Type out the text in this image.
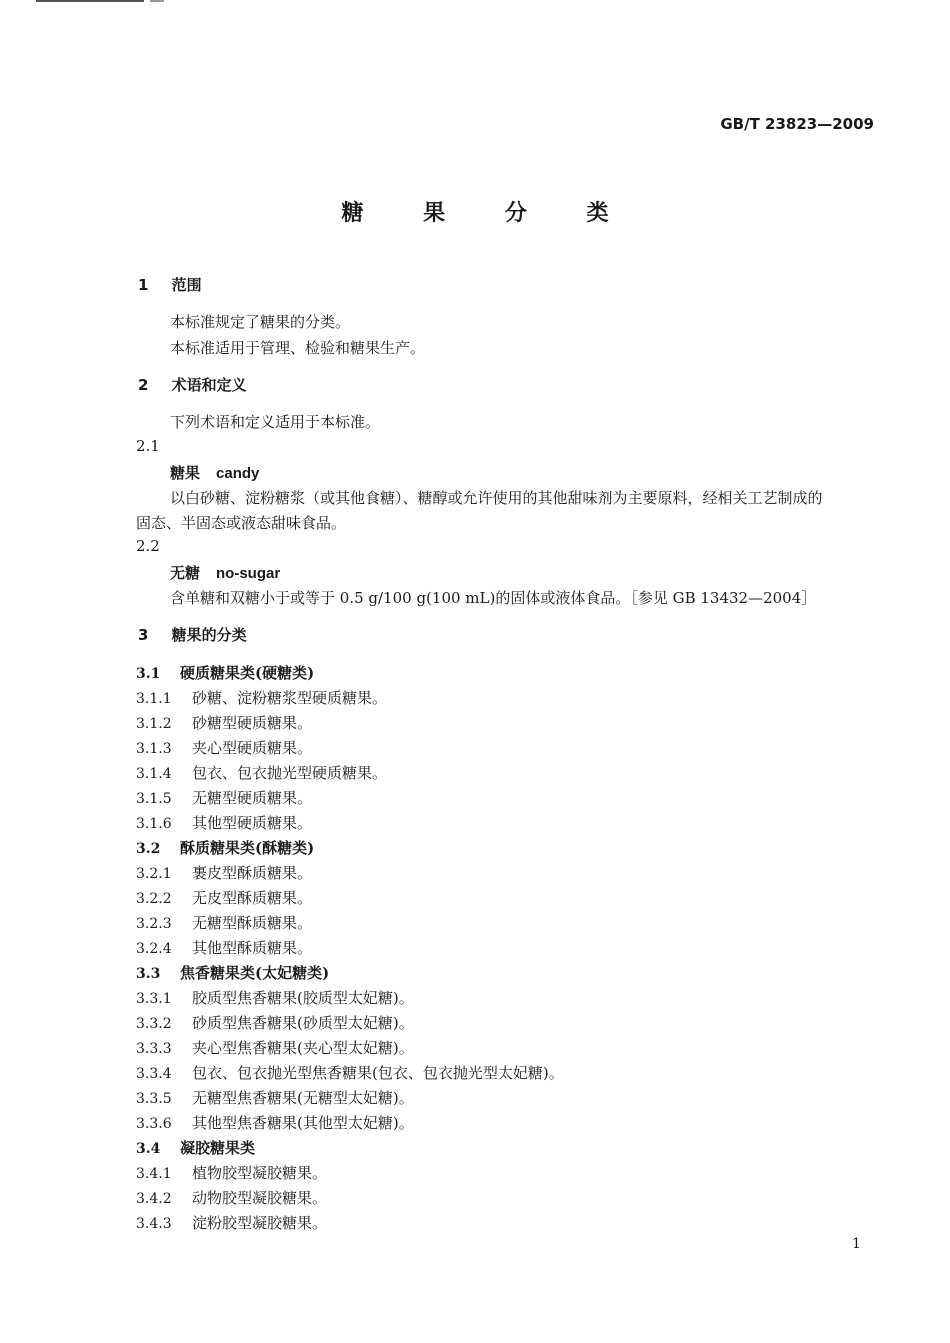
GB/T 23823—2009
糖 果 分 类
1 范围
本标准规定了糖果的分类。
本标准适用于管理、检验和糖果生产。
2 术语和定义
下列术语和定义适用于本标准。
2.1
糖果 candy
以白砂糖、淀粉糖浆（或其他食糖）、糖醇或允许使用的其他甜味剂为主要原料，经相关工艺制成的
固态、半固态或液态甜味食品。
2.2
无糖 no-sugar
含单糖和双糖小于或等于 0.5 g/100 g(100 mL)的固体或液体食品。［参见 GB 13432—2004］
3 糖果的分类
3.1 硬质糖果类(硬糖类)
3.1.1 砂糖、淀粉糖浆型硬质糖果。
3.1.2 砂糖型硬质糖果。
3.1.3 夹心型硬质糖果。
3.1.4 包衣、包衣抛光型硬质糖果。
3.1.5 无糖型硬质糖果。
3.1.6 其他型硬质糖果。
3.2 酥质糖果类(酥糖类)
3.2.1 裹皮型酥质糖果。
3.2.2 无皮型酥质糖果。
3.2.3 无糖型酥质糖果。
3.2.4 其他型酥质糖果。
3.3 焦香糖果类(太妃糖类)
3.3.1 胶质型焦香糖果(胶质型太妃糖)。
3.3.2 砂质型焦香糖果(砂质型太妃糖)。
3.3.3 夹心型焦香糖果(夹心型太妃糖)。
3.3.4 包衣、包衣抛光型焦香糖果(包衣、包衣抛光型太妃糖)。
3.3.5 无糖型焦香糖果(无糖型太妃糖)。
3.3.6 其他型焦香糖果(其他型太妃糖)。
3.4 凝胶糖果类
3.4.1 植物胶型凝胶糖果。
3.4.2 动物胶型凝胶糖果。
3.4.3 淀粉胶型凝胶糖果。
1
